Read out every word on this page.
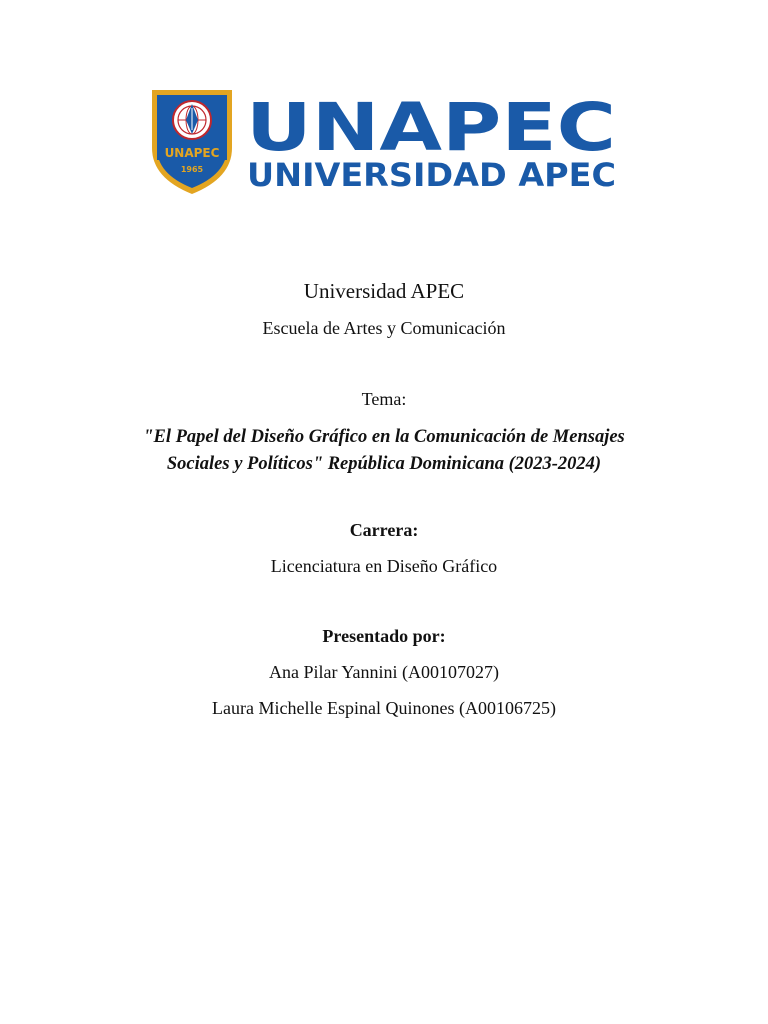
UNAPEC
1965
UNAPEC
UNIVERSIDAD APEC
Universidad APEC
Escuela de Artes y Comunicación
Tema:
"El Papel del Diseño Gráfico en la Comunicación de Mensajes
Sociales y Políticos" República Dominicana (2023-2024)
Carrera:
Licenciatura en Diseño Gráfico
Presentado por:
Ana Pilar Yannini (A00107027)
Laura Michelle Espinal Quinones (A00106725)
